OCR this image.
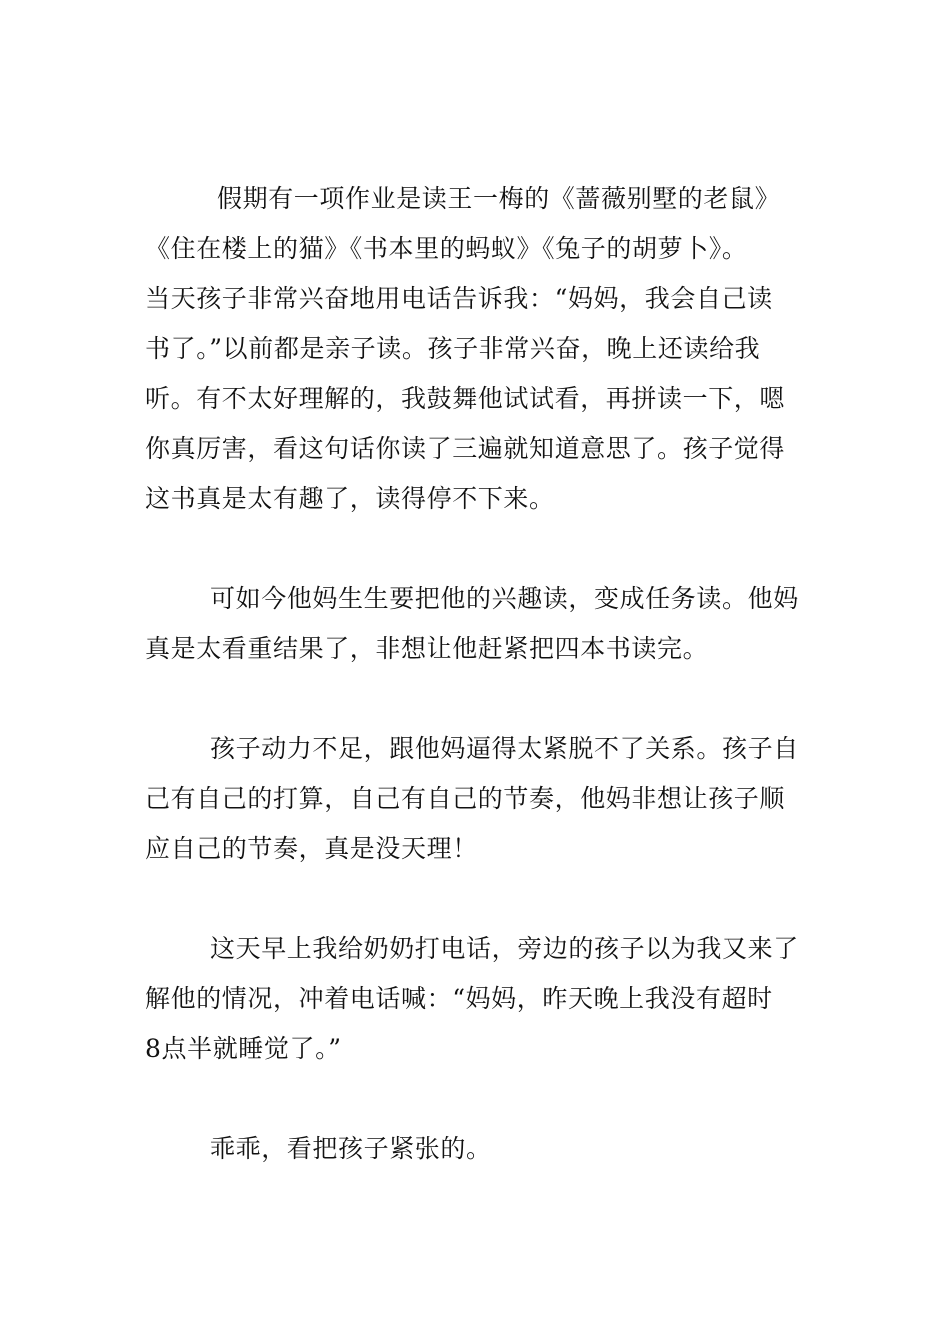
假期有一项作业是读王一梅的《蔷薇别墅的老鼠》
《住在楼上的猫》《书本里的蚂蚁》《兔子的胡萝卜》。
当天孩子非常兴奋地用电话告诉我：“妈妈，我会自己读
书了。”以前都是亲子读。孩子非常兴奋，晚上还读给我
听。有不太好理解的，我鼓舞他试试看，再拼读一下，嗯
你真厉害，看这句话你读了三遍就知道意思了。孩子觉得
这书真是太有趣了，读得停不下来。
可如今他妈生生要把他的兴趣读，变成任务读。他妈
真是太看重结果了，非想让他赶紧把四本书读完。
孩子动力不足，跟他妈逼得太紧脱不了关系。孩子自
己有自己的打算，自己有自己的节奏，他妈非想让孩子顺
应自己的节奏，真是没天理！
这天早上我给奶奶打电话，旁边的孩子以为我又来了
解他的情况，冲着电话喊：“妈妈，昨天晚上我没有超时
8点半就睡觉了。”
乖乖，看把孩子紧张的。
